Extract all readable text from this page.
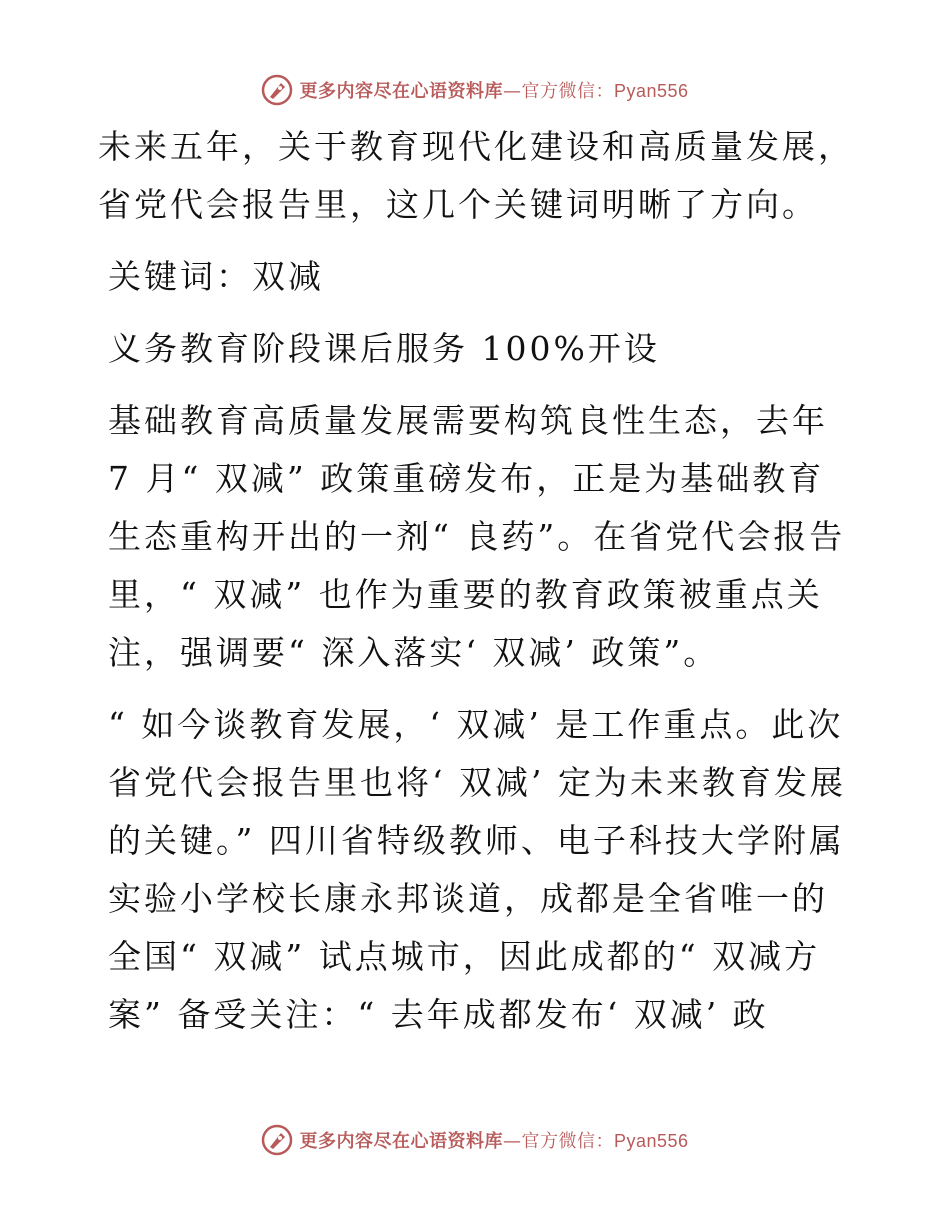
更多内容尽在心语资料库—官方微信：Pyan556

未来五年，关于教育现代化建设和高质量发展，省党代会报告里，这几个关键词明晰了方向。

关键词：双减

义务教育阶段课后服务 100%开设

基础教育高质量发展需要构筑良性生态，去年 7 月“ 双减” 政策重磅发布，正是为基础教育生态重构开出的一剂“ 良药”。在省党代会报告里，“ 双减” 也作为重要的教育政策被重点关注，强调要“ 深入落实‘ 双减’ 政策”。

“ 如今谈教育发展，‘ 双减’ 是工作重点。此次省党代会报告里也将‘ 双减’ 定为未来教育发展的关键。” 四川省特级教师、电子科技大学附属实验小学校长康永邦谈道，成都是全省唯一的全国“ 双减” 试点城市，因此成都的“ 双减方案” 备受关注：“ 去年成都发布‘ 双减’ 政

更多内容尽在心语资料库—官方微信：Pyan556
